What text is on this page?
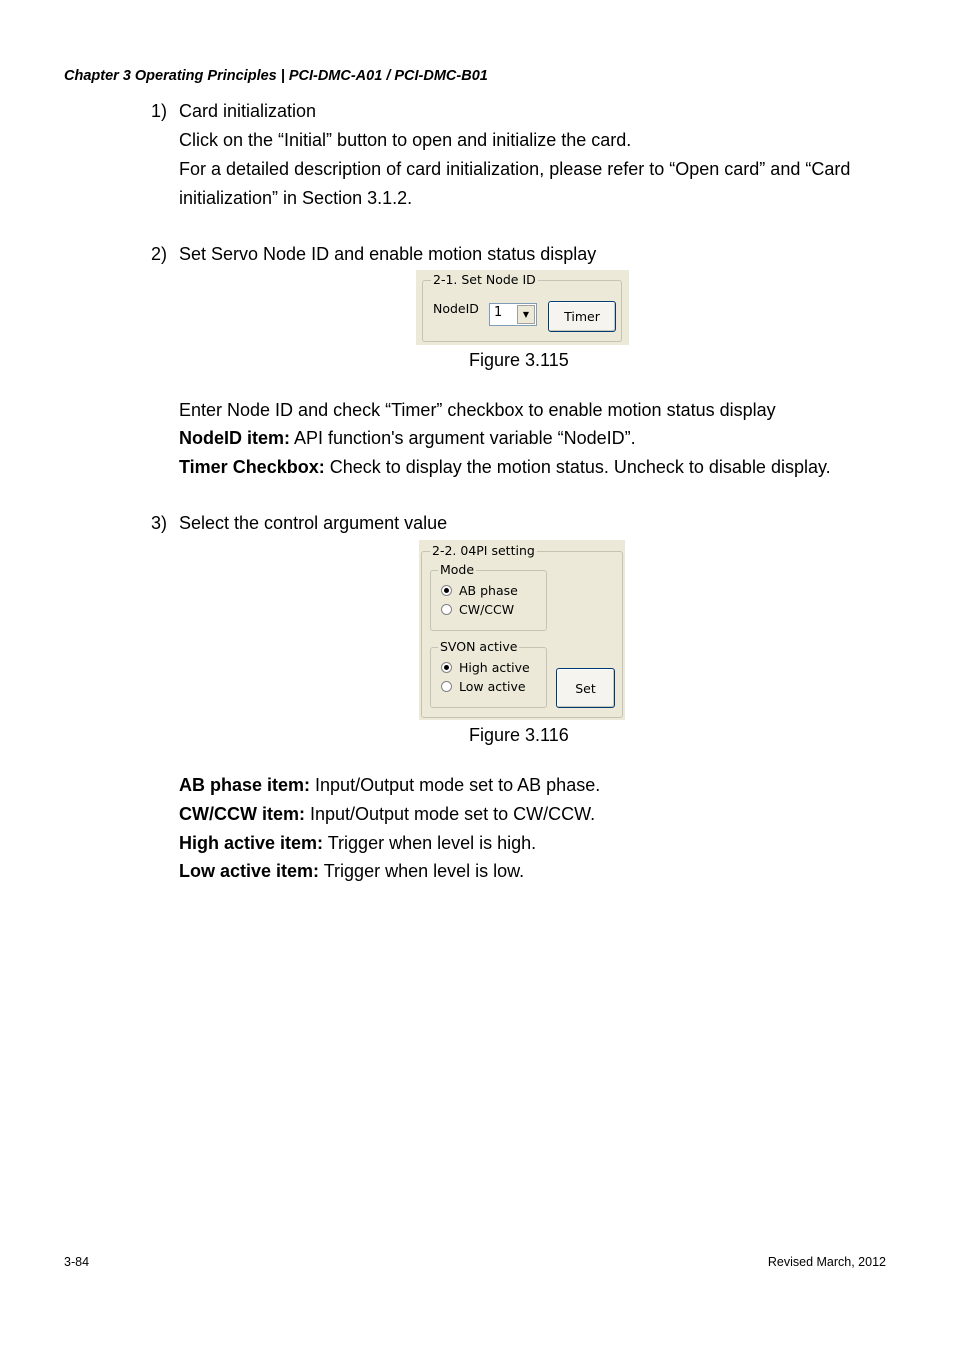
Chapter 3 Operating Principles | PCI-DMC-A01 / PCI-DMC-B01
1) Card initialization
Click on the “Initial” button to open and initialize the card.
For a detailed description of card initialization, please refer to “Open card” and “Card
initialization” in Section 3.1.2.
2) Set Servo Node ID and enable motion status display
2-1. Set Node ID
NodeID 1	▼	Timer
Figure 3.115
Enter Node ID and check “Timer” checkbox to enable motion status display
NodeID item: API function's argument variable “NodeID”.
Timer Checkbox: Check to display the motion status. Uncheck to disable display.
3) Select the control argument value
2-2. 04PI setting
Mode
AB phase
CW/CCW
SVON active
High active
Low active	Set
Figure 3.116
AB phase item: Input/Output mode set to AB phase.
CW/CCW item: Input/Output mode set to CW/CCW.
High active item: Trigger when level is high.
Low active item: Trigger when level is low.
3-84	Revised March, 2012
